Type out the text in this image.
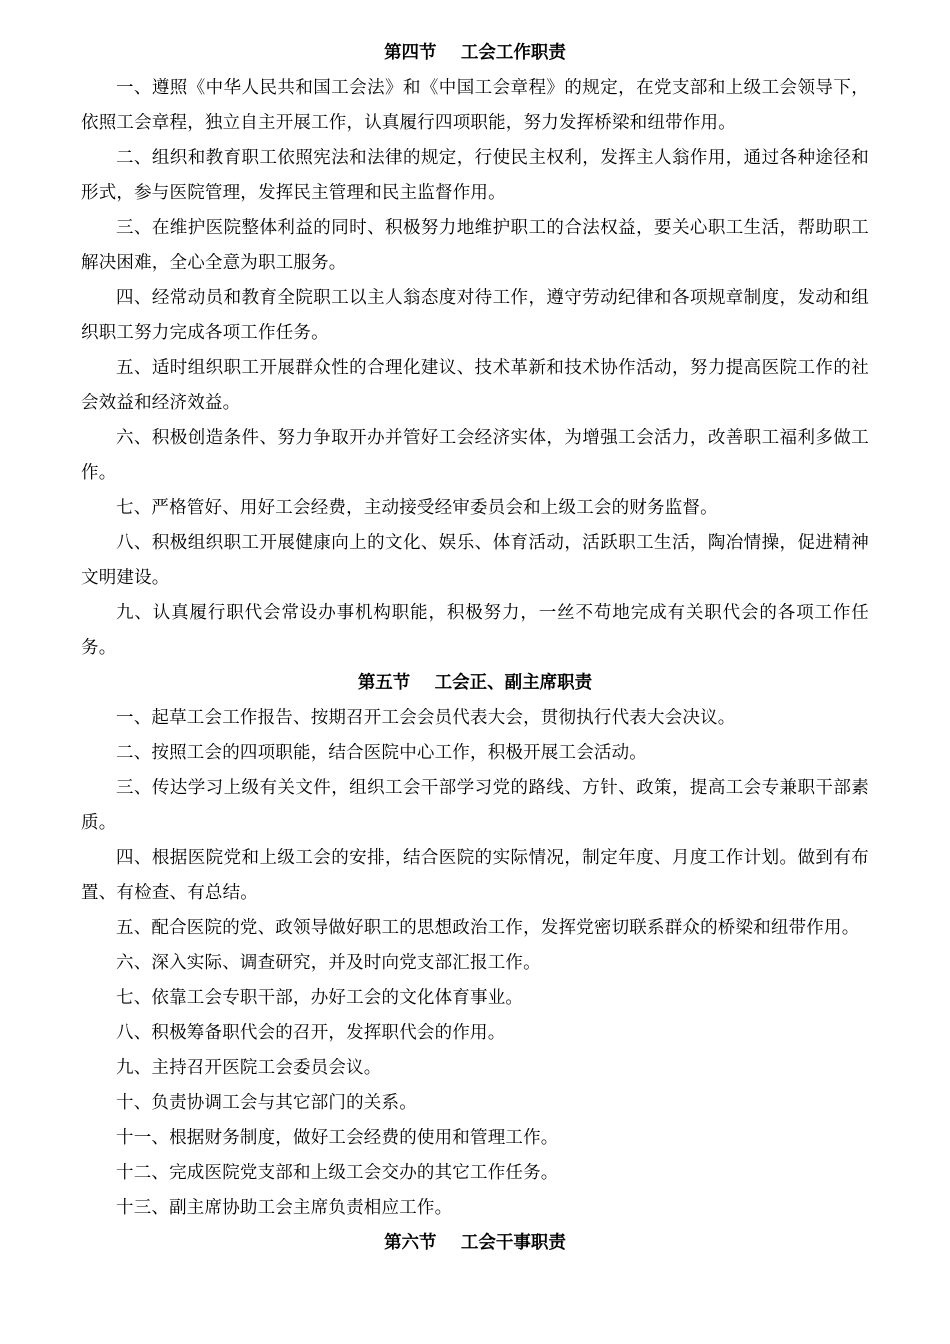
第四节    工会工作职责

一、遵照《中华人民共和国工会法》和《中国工会章程》的规定，在党支部和上级工会领导下，依照工会章程，独立自主开展工作，认真履行四项职能，努力发挥桥梁和纽带作用。

二、组织和教育职工依照宪法和法律的规定，行使民主权利，发挥主人翁作用，通过各种途径和形式，参与医院管理，发挥民主管理和民主监督作用。

三、在维护医院整体利益的同时、积极努力地维护职工的合法权益，要关心职工生活，帮助职工解决困难，全心全意为职工服务。

四、经常动员和教育全院职工以主人翁态度对待工作，遵守劳动纪律和各项规章制度，发动和组织职工努力完成各项工作任务。

五、适时组织职工开展群众性的合理化建议、技术革新和技术协作活动，努力提高医院工作的社会效益和经济效益。

六、积极创造条件、努力争取开办并管好工会经济实体，为增强工会活力，改善职工福利多做工作。

七、严格管好、用好工会经费，主动接受经审委员会和上级工会的财务监督。

八、积极组织职工开展健康向上的文化、娱乐、体育活动，活跃职工生活，陶冶情操，促进精神文明建设。

九、认真履行职代会常设办事机构职能，积极努力，一丝不苟地完成有关职代会的各项工作任务。

第五节    工会正、副主席职责

一、起草工会工作报告、按期召开工会会员代表大会，贯彻执行代表大会决议。

二、按照工会的四项职能，结合医院中心工作，积极开展工会活动。

三、传达学习上级有关文件，组织工会干部学习党的路线、方针、政策，提高工会专兼职干部素质。

四、根据医院党和上级工会的安排，结合医院的实际情况，制定年度、月度工作计划。做到有布置、有检查、有总结。

五、配合医院的党、政领导做好职工的思想政治工作，发挥党密切联系群众的桥梁和纽带作用。

六、深入实际、调查研究，并及时向党支部汇报工作。

七、依靠工会专职干部，办好工会的文化体育事业。

八、积极筹备职代会的召开，发挥职代会的作用。

九、主持召开医院工会委员会议。

十、负责协调工会与其它部门的关系。

十一、根据财务制度，做好工会经费的使用和管理工作。

十二、完成医院党支部和上级工会交办的其它工作任务。

十三、副主席协助工会主席负责相应工作。

第六节    工会干事职责
